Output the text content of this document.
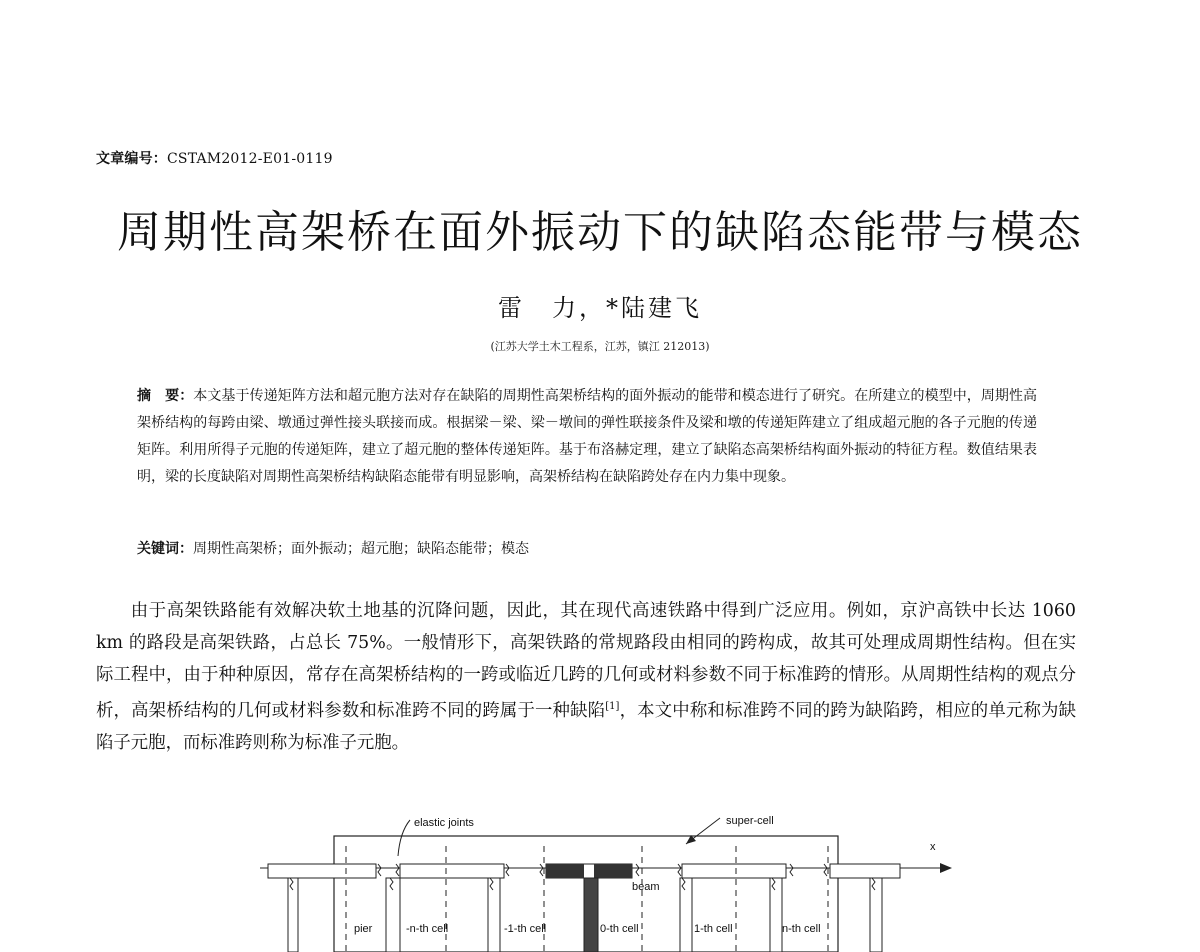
文章编号：CSTAM2012-E01-0119
周期性高架桥在面外振动下的缺陷态能带与模态
雷　力，*陆建飞
(江苏大学土木工程系，江苏，镇江 212013)
摘　要：本文基于传递矩阵方法和超元胞方法对存在缺陷的周期性高架桥结构的面外振动的能带和模态进行了研究。在所建立的模型中，周期性高架桥结构的每跨由梁、墩通过弹性接头联接而成。根据梁－梁、梁－墩间的弹性联接条件及梁和墩的传递矩阵建立了组成超元胞的各子元胞的传递矩阵。利用所得子元胞的传递矩阵，建立了超元胞的整体传递矩阵。基于布洛赫定理，建立了缺陷态高架桥结构面外振动的特征方程。数值结果表明，梁的长度缺陷对周期性高架桥结构缺陷态能带有明显影响，高架桥结构在缺陷跨处存在内力集中现象。
关键词：周期性高架桥；面外振动；超元胞；缺陷态能带；模态

由于高架铁路能有效解决软土地基的沉降问题，因此，其在现代高速铁路中得到广泛应用。例如，京沪高铁中长达 1060 km 的路段是高架铁路，占总长 75%。一般情形下，高架铁路的常规路段由相同的跨构成，故其可处理成周期性结构。但在实际工程中，由于种种原因，常存在高架桥结构的一跨或临近几跨的几何或材料参数不同于标准跨的情形。从周期性结构的观点分析，高架桥结构的几何或材料参数和标准跨不同的跨属于一种缺陷[1]，本文中称和标准跨不同的跨为缺陷跨，相应的单元称为缺陷子元胞，而标准跨则称为标准子元胞。

x
elastic joints	super-cell
beam
pier	-n-th cell	-1-th cell	0-th cell	1-th cell	n-th cell
